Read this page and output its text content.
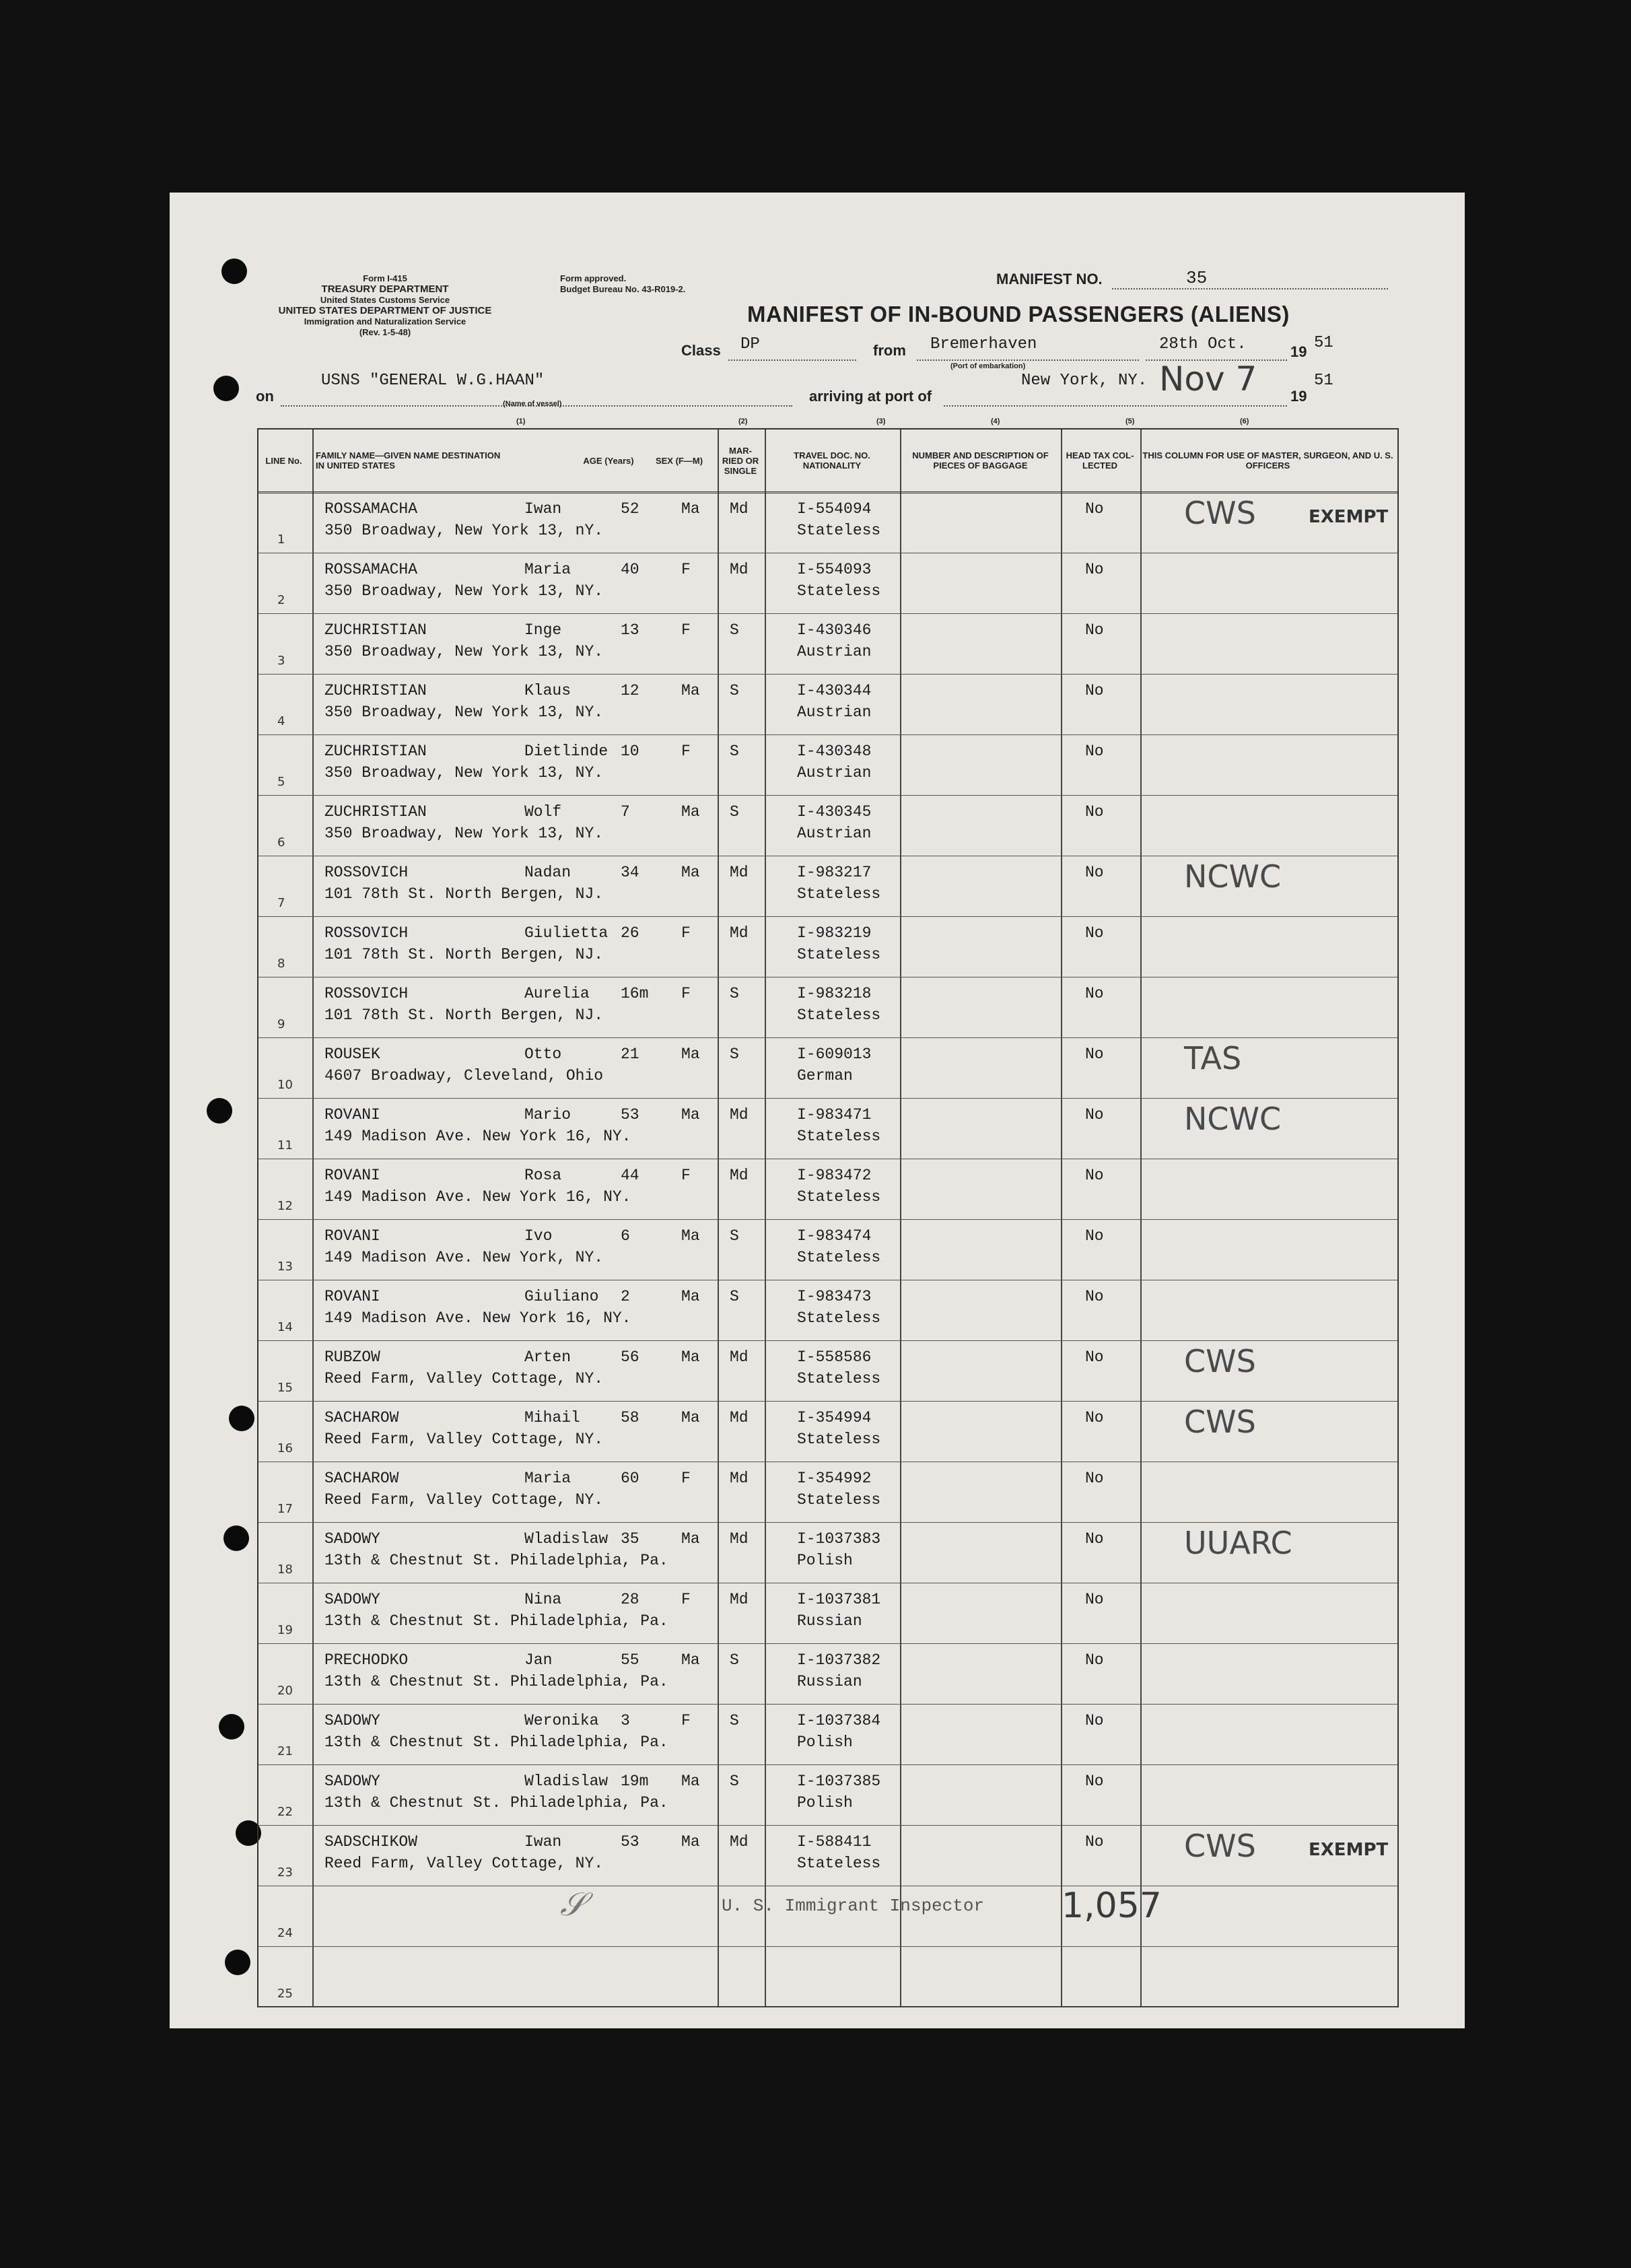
Form I-415
TREASURY DEPARTMENT
United States Customs Service
UNITED STATES DEPARTMENT OF JUSTICE
Immigration and Naturalization Service
(Rev. 1-5-48)
Form approved.
Budget Bureau No. 43-R019-2.
MANIFEST NO.	35
MANIFEST OF IN-BOUND PASSENGERS (ALIENS)
Class DP	from Bremerhaven
(Port of embarkation)
28th Oct.	19 51
on
USNS "GENERAL W.G.HAAN"
(Name of vessel)
(1)
arriving at port of
New York, NY. Nov 7 19
51
(2)	(3)	(4)	(5)	(6)
LINE No.	FAMILY NAME—GIVEN NAME DESTINATION IN UNITED STATES	AGE (Years)	SEX (F—M)
MAR- RIED OR SINGLE
TRAVEL DOC. NO. NATIONALITY
NUMBER AND DESCRIPTION OF PIECES OF BAGGAGE
HEAD TAX COL- LECTED
THIS COLUMN FOR USE OF MASTER, SURGEON, AND U. S. OFFICERS
1
ROSSAMACHA	Iwan
350 Broadway, New York 13, nY.
52	Ma Md	I-554094
Stateless
No	CWS	EXEMPT
2
ROSSAMACHA	Maria
350 Broadway, New York 13, NY.
40	F	Md	I-554093
Stateless
No
3
ZUCHRISTIAN	Inge
350 Broadway, New York 13, NY.
13	F	S	I-430346
Austrian
No
4
ZUCHRISTIAN	Klaus
350 Broadway, New York 13, NY.
12	Ma S	I-430344
Austrian
No
5
ZUCHRISTIAN	Dietlinde
350 Broadway, New York 13, NY.
10	F	S	I-430348
Austrian
No
6
ZUCHRISTIAN	Wolf
350 Broadway, New York 13, NY.
7	Ma S	I-430345
Austrian
No
7
ROSSOVICH	Nadan
101 78th St. North Bergen, NJ.
34	Ma Md	I-983217
Stateless
No	NCWC
8
ROSSOVICH	Giulietta
101 78th St. North Bergen, NJ.
26	F	Md	I-983219
Stateless
No
9
ROSSOVICH	Aurelia
101 78th St. North Bergen, NJ.
16m F	S	I-983218
Stateless
No
10
ROUSEK	Otto
4607 Broadway, Cleveland, Ohio
21	Ma S	I-609013
German
No	TAS
11
ROVANI	Mario
149 Madison Ave. New York 16, NY.
53	Ma Md	I-983471
Stateless
No	NCWC
12
ROVANI	Rosa
149 Madison Ave. New York 16, NY.
44	F	Md	I-983472
Stateless
No
13
ROVANI	Ivo
149 Madison Ave. New York, NY.
6	Ma S	I-983474
Stateless
No
14
ROVANI	Giuliano
149 Madison Ave. New York 16, NY.
2	Ma S	I-983473
Stateless
No
15
RUBZOW	Arten
Reed Farm, Valley Cottage, NY.
56	Ma Md	I-558586
Stateless
No	CWS
16
SACHAROW	Mihail
Reed Farm, Valley Cottage, NY.
58	Ma Md	I-354994
Stateless
No	CWS
17
SACHAROW	Maria
Reed Farm, Valley Cottage, NY.
60	F	Md	I-354992
Stateless
No
18
SADOWY	Wladislaw
13th & Chestnut St. Philadelphia, Pa.
35	Ma Md	I-1037383
Polish
No	UUARC
19
SADOWY	Nina
13th & Chestnut St. Philadelphia, Pa.
28	F	Md	I-1037381
Russian
No
20
PRECHODKO	Jan
13th & Chestnut St. Philadelphia, Pa.
55	Ma S	I-1037382
Russian
No
21
SADOWY	Weronika
13th & Chestnut St. Philadelphia, Pa.
3	F	S	I-1037384
Polish
No
22
SADOWY	Wladislaw
13th & Chestnut St. Philadelphia, Pa.
19m Ma S	I-1037385
Polish
No
23
SADSCHIKOW	Iwan
Reed Farm, Valley Cottage, NY.
53	Ma Md	I-588411
Stateless
No	CWS	EXEMPT
24
25
𝒮	U. S. Immigrant Inspector 1,057
